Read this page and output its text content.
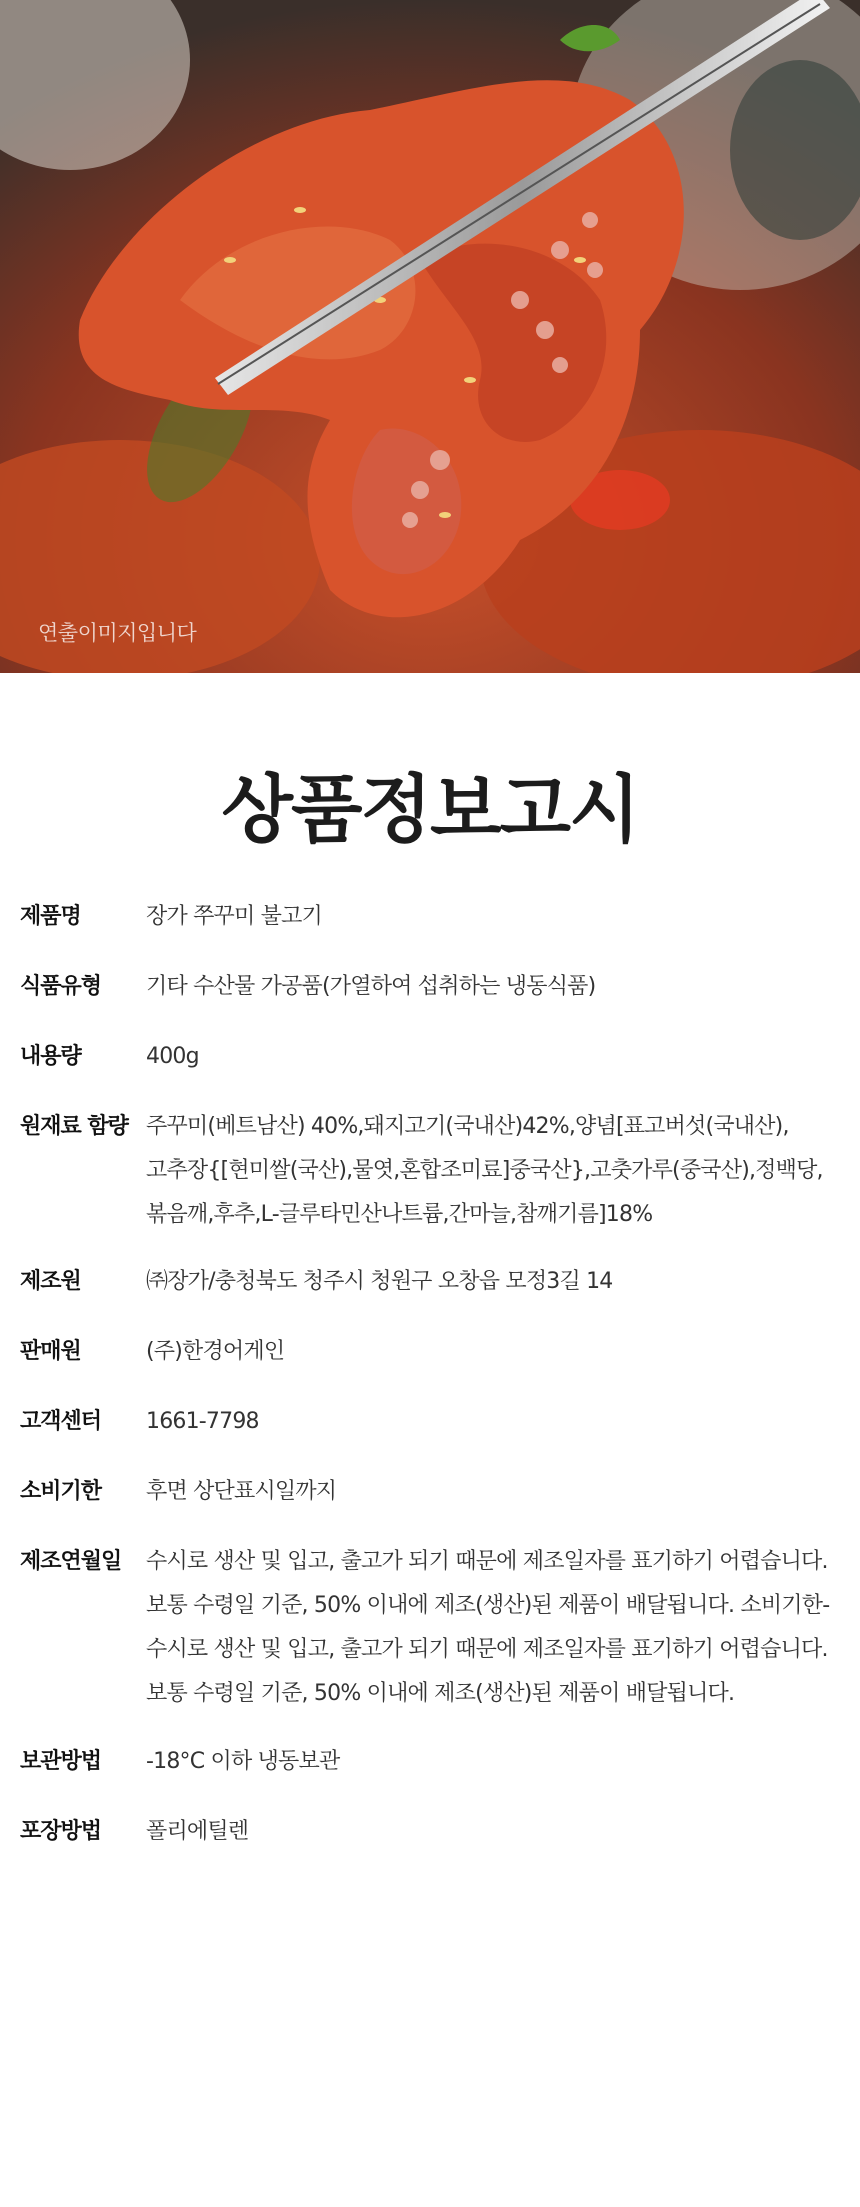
연출이미지입니다
상품정보고시
제품명	장가 쭈꾸미 불고기
식품유형 기타 수산물 가공품(가열하여 섭취하는 냉동식품)
내용량	400g
원재료 함량 주꾸미(베트남산) 40%,돼지고기(국내산)42%,양념[표고버섯(국내산),고추장{[현미쌀(국산),물엿,혼합조미료]중국산},고춧가루(중국산),정백당,볶음깨,후추,L-글루타민산나트륨,간마늘,참깨기름]18%
제조원	㈜장가/충청북도 청주시 청원구 오창읍 모정3길 14
판매원	(주)한경어게인
고객센터 1661-7798
소비기한 후면 상단표시일까지
제조연월일 수시로 생산 및 입고, 출고가 되기 때문에 제조일자를 표기하기 어렵습니다. 보통 수령일 기준, 50% 이내에 제조(생산)된 제품이 배달됩니다. 소비기한-수시로 생산 및 입고, 출고가 되기 때문에 제조일자를 표기하기 어렵습니다. 보통 수령일 기준, 50% 이내에 제조(생산)된 제품이 배달됩니다.
보관방법 -18°C 이하 냉동보관
포장방법 폴리에틸렌
